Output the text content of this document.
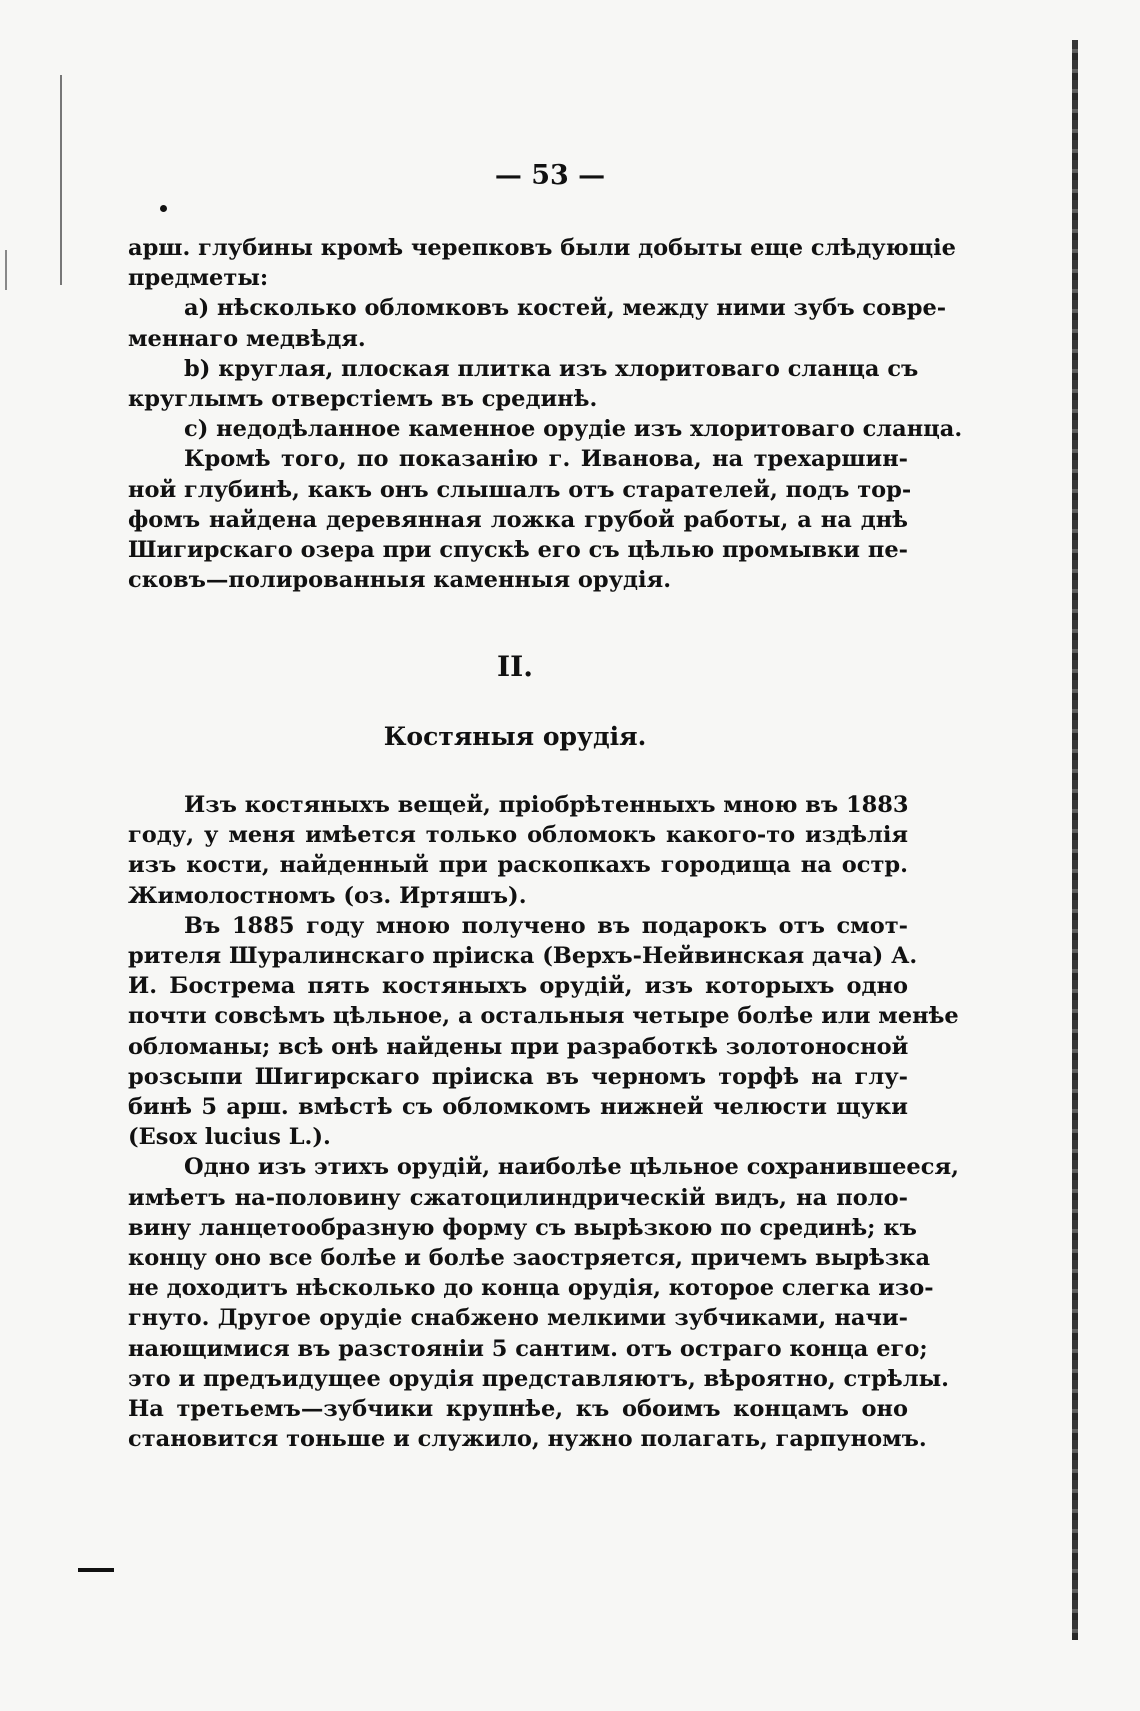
— 53 —
арш. глубины кромѣ черепковъ были добыты еще слѣдующіе
предметы:
а) нѣсколько обломковъ костей, между ними зубъ совре-
меннаго медвѣдя.
b) круглая, плоская плитка изъ хлоритоваго сланца съ
круглымъ отверстіемъ въ срединѣ.
с) недодѣланное каменное орудіе изъ хлоритоваго сланца.
Кромѣ того, по показанію г. Иванова, на трехаршин-
ной глубинѣ, какъ онъ слышалъ отъ старателей, подъ тор-
фомъ найдена деревянная ложка грубой работы, а на днѣ
Шигирскаго озера при спускѣ его съ цѣлью промывки пе-
сковъ—полированныя каменныя орудія.
II.
Костяныя орудія.
Изъ костяныхъ вещей, пріобрѣтенныхъ мною въ 1883
году, у меня имѣется только обломокъ какого-то издѣлія
изъ кости, найденный при раскопкахъ городища на остр.
Жимолостномъ (оз. Иртяшъ).
Въ 1885 году мною получено въ подарокъ отъ смот-
рителя Шуралинскаго пріиска (Верхъ-Нейвинская дача) А.
И. Бострема пять костяныхъ орудій, изъ которыхъ одно
почти совсѣмъ цѣльное, а остальныя четыре болѣе или менѣе
обломаны; всѣ онѣ найдены при разработкѣ золотоносной
розсыпи Шигирскаго пріиска въ черномъ торфѣ на глу-
бинѣ 5 арш. вмѣстѣ съ обломкомъ нижней челюсти щуки
(Esox lucius L.).
Одно изъ этихъ орудій, наиболѣе цѣльное сохранившееся,
имѣетъ на-половину сжатоцилиндрическій видъ, на поло-
вину ланцетообразную форму съ вырѣзкою по срединѣ; къ
концу оно все болѣе и болѣе заостряется, причемъ вырѣзка
не доходитъ нѣсколько до конца орудія, которое слегка изо-
гнуто. Другое орудіе снабжено мелкими зубчиками, начи-
нающимися въ разстояніи 5 сантим. отъ остраго конца его;
это и предъидущее орудія представляютъ, вѣроятно, стрѣлы.
На третьемъ—зубчики крупнѣе, къ обоимъ концамъ оно
становится тоньше и служило, нужно полагать, гарпуномъ.
